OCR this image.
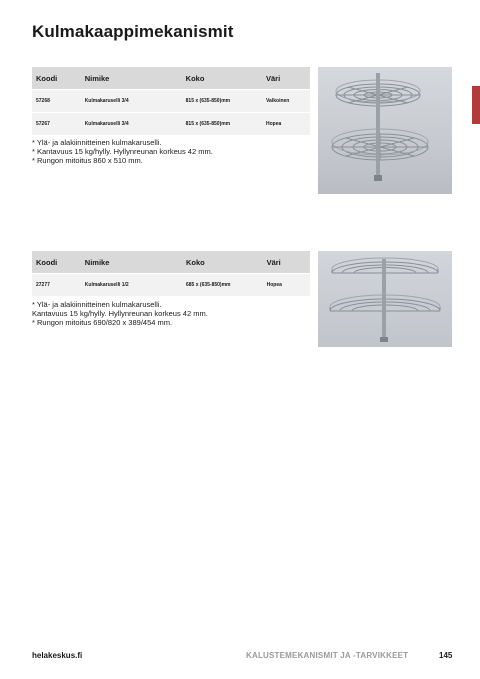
Kulmakaappimekanismit
Koodi	Nimike	Koko	Väri
57268	Kulmakaruselli 3/4	815 x (635-850)mm	Valkoinen
57267	Kulmakaruselli 3/4	815 x (635-850)mm	Hopea
* Ylä- ja alakiinnitteinen kulmakaruselli.
* Kantavuus 15 kg/hylly. Hyllynreunan korkeus 42 mm.
* Rungon mitoitus 860 x 510 mm.
Koodi	Nimike	Koko	Väri
27277	Kulmakaruselli 1/2	685 x (635-850)mm	Hopea
* Ylä- ja alakiinnitteinen kulmakaruselli.
Kantavuus 15 kg/hylly. Hyllynreunan korkeus 42 mm.
* Rungon mitoitus 690/820 x 389/454 mm.
helakeskus.fi	KALUSTEMEKANISMIT JA -TARVIKKEET	145
